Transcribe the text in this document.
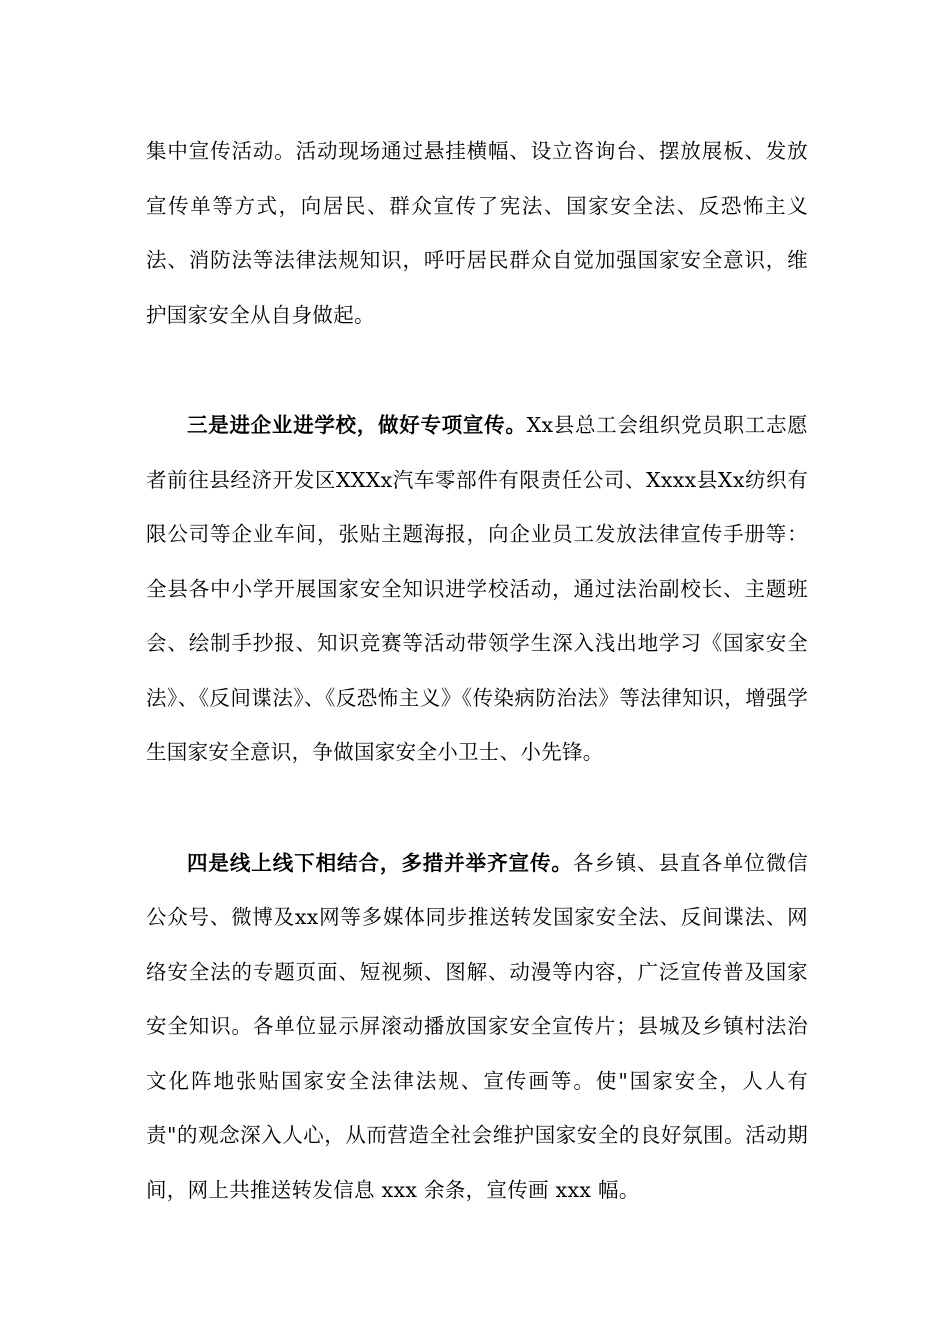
集中宣传活动。活动现场通过悬挂横幅、设立咨询台、摆放展板、发放宣传单等方式，向居民、群众宣传了宪法、国家安全法、反恐怖主义法、消防法等法律法规知识，呼吁居民群众自觉加强国家安全意识，维护国家安全从自身做起。

三是进企业进学校，做好专项宣传。Xx县总工会组织党员职工志愿者前往县经济开发区XXXx汽车零部件有限责任公司、Xxxx县Xx纺织有限公司等企业车间，张贴主题海报，向企业员工发放法律宣传手册等：全县各中小学开展国家安全知识进学校活动，通过法治副校长、主题班会、绘制手抄报、知识竞赛等活动带领学生深入浅出地学习《国家安全法》、《反间谍法》、《反恐怖主义》《传染病防治法》等法律知识，增强学生国家安全意识，争做国家安全小卫士、小先锋。

四是线上线下相结合，多措并举齐宣传。各乡镇、县直各单位微信公众号、微博及xx网等多媒体同步推送转发国家安全法、反间谍法、网络安全法的专题页面、短视频、图解、动漫等内容，广泛宣传普及国家安全知识。各单位显示屏滚动播放国家安全宣传片；县城及乡镇村法治文化阵地张贴国家安全法律法规、宣传画等。使"国家安全，人人有责"的观念深入人心，从而营造全社会维护国家安全的良好氛围。活动期间，网上共推送转发信息 xxx 余条，宣传画 xxx 幅。
